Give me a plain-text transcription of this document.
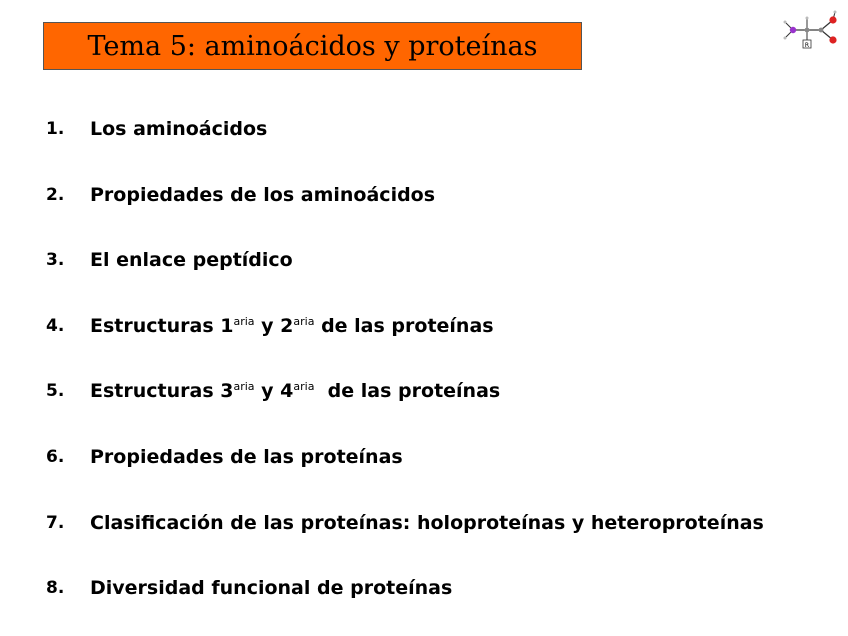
Tema 5: aminoácidos y proteínas	R
1.	Los aminoácidos
2.	Propiedades de los aminoácidos
3.	El enlace peptídico
4.	Estructuras $1^{aria}$ y $2^{aria}$ de las proteínas
5.	Estructuras $3^{aria}$ y $4^{aria}$  de las proteínas
6.	Propiedades de las proteínas
7.	Clasificación de las proteínas: holoproteínas y heteroproteínas
8.	Diversidad funcional de proteínas
